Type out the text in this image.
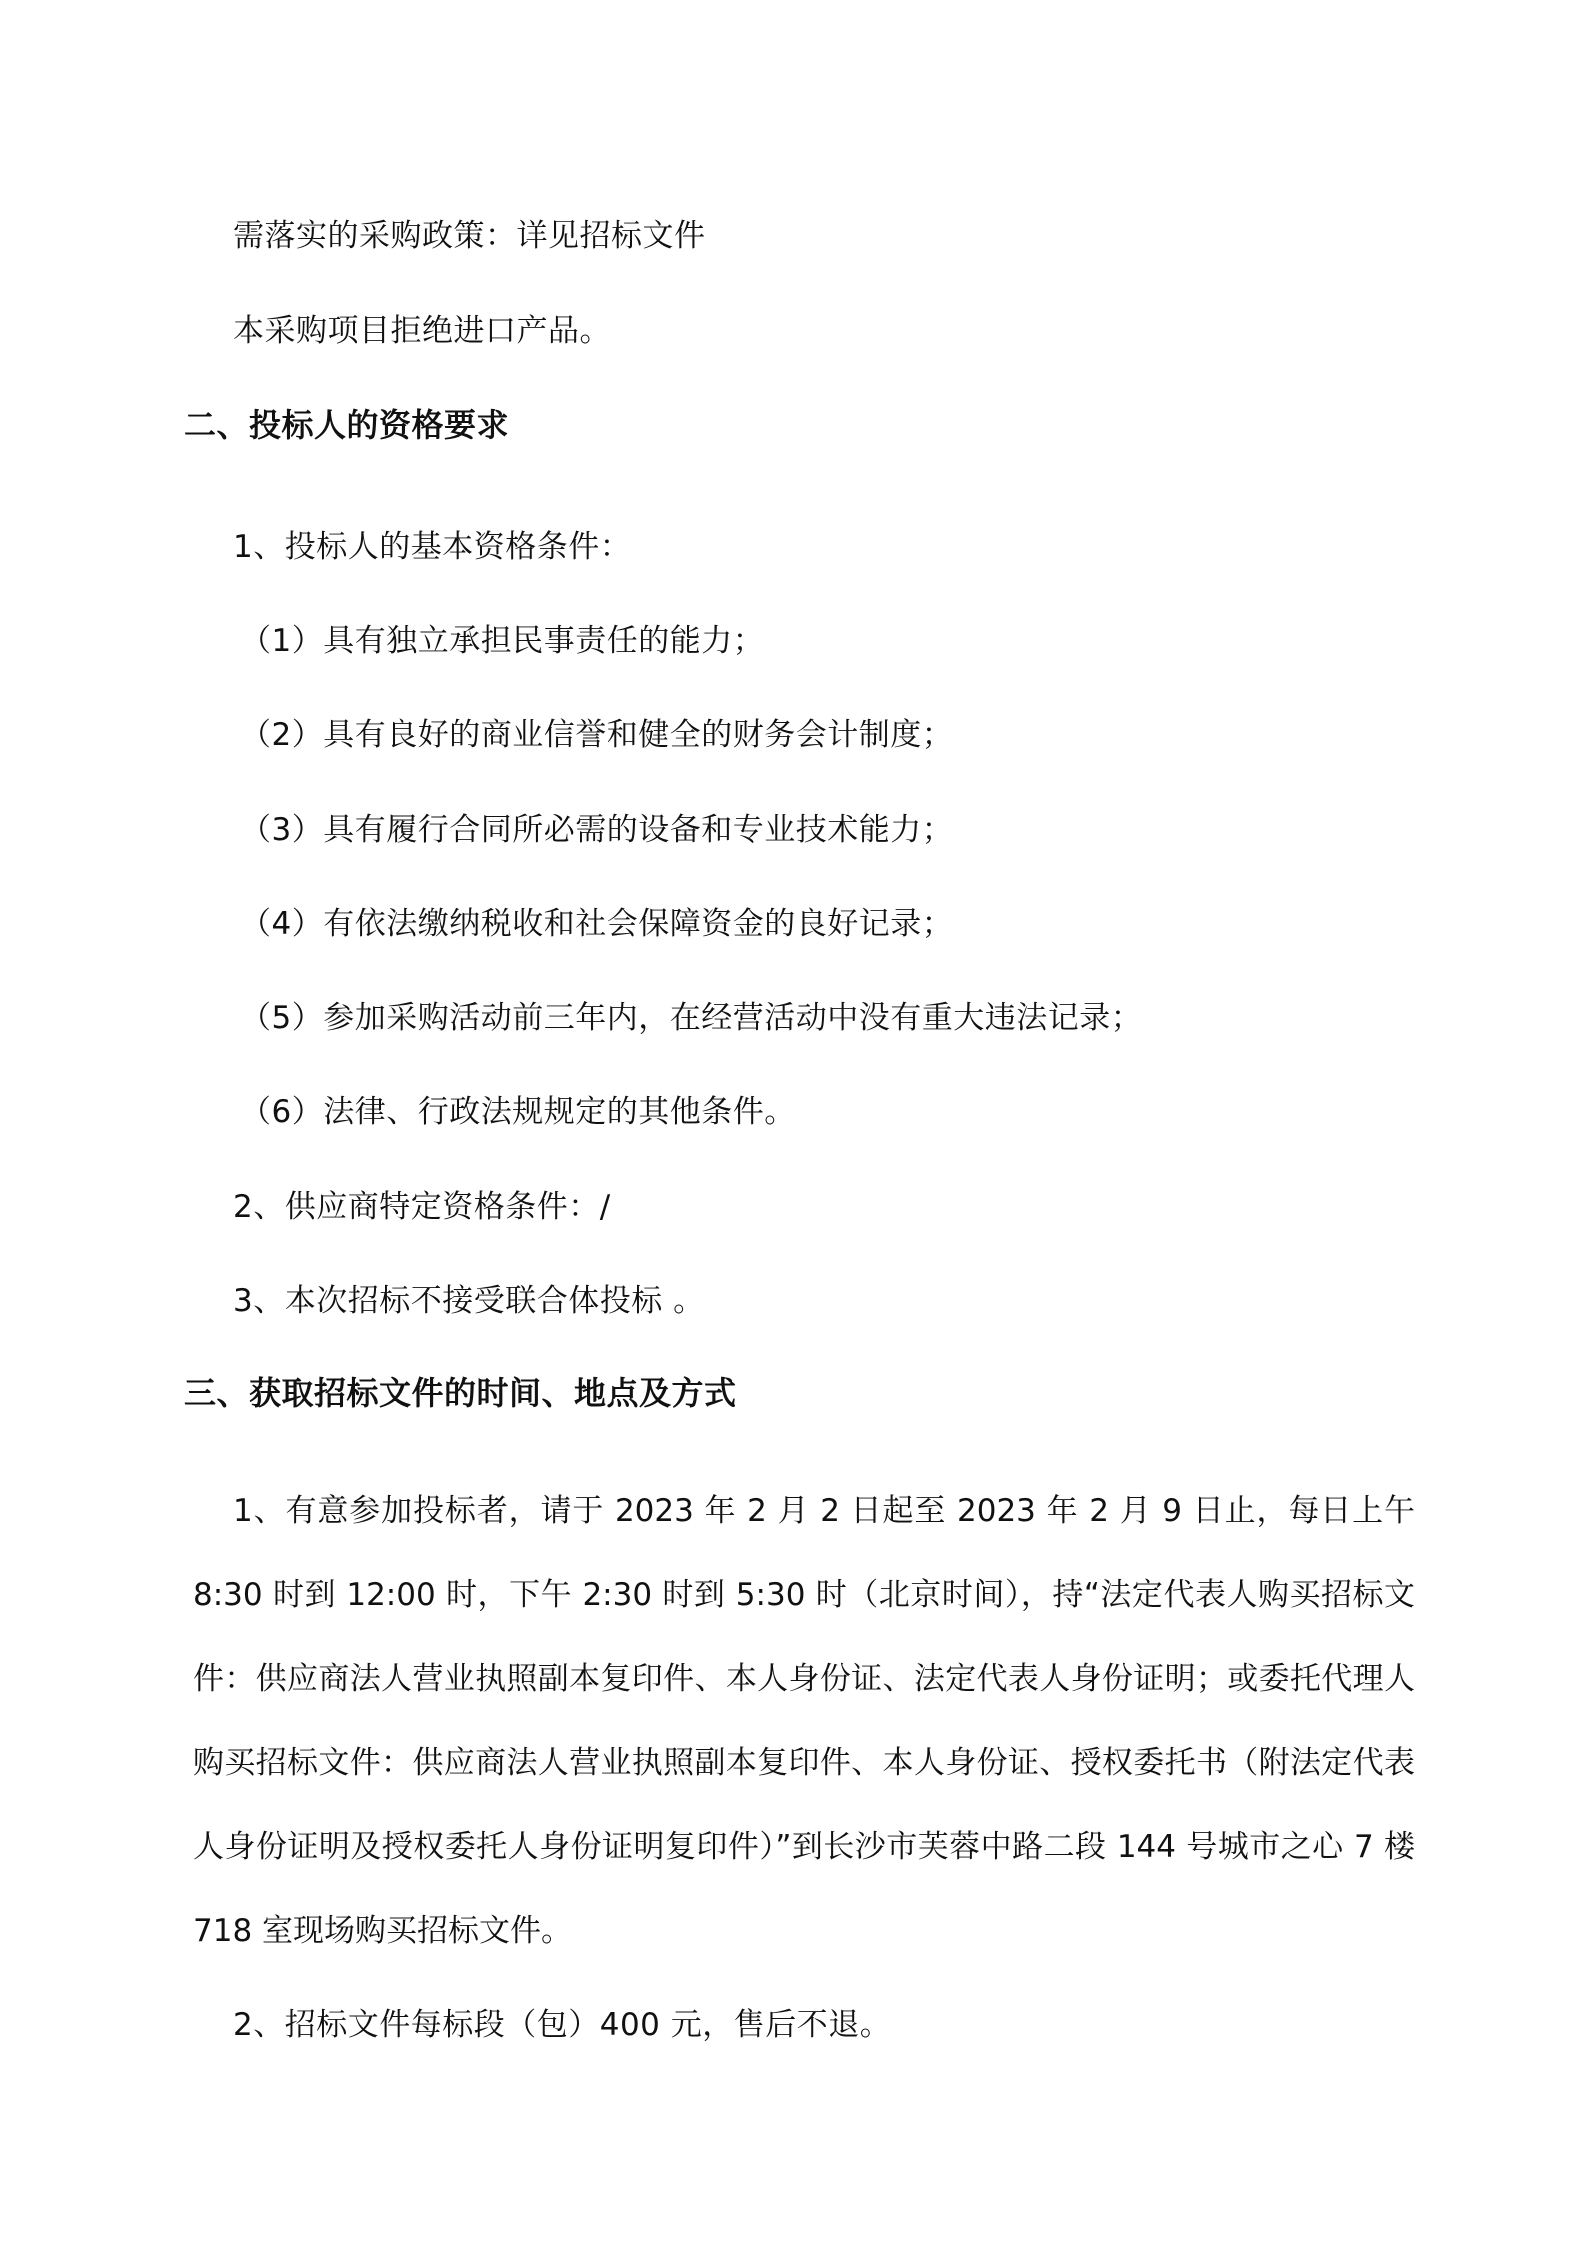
需落实的采购政策：详见招标文件
本采购项目拒绝进口产品。
二、投标人的资格要求
1、投标人的基本资格条件：
（1）具有独立承担民事责任的能力；
（2）具有良好的商业信誉和健全的财务会计制度；
（3）具有履行合同所必需的设备和专业技术能力；
（4）有依法缴纳税收和社会保障资金的良好记录；
（5）参加采购活动前三年内，在经营活动中没有重大违法记录；
（6）法律、行政法规规定的其他条件。
2、供应商特定资格条件：/
3、本次招标不接受联合体投标 。
三、获取招标文件的时间、地点及方式
1、有意参加投标者，请于 2023 年 2 月 2 日起至 2023 年 2 月 9 日止，每日上午 8:30 时到 12:00 时，下午 2:30 时到 5:30 时（北京时间），持“法定代表人购买招标文件：供应商法人营业执照副本复印件、本人身份证、法定代表人身份证明；或委托代理人购买招标文件：供应商法人营业执照副本复印件、本人身份证、授权委托书（附法定代表人身份证明及授权委托人身份证明复印件）”到长沙市芙蓉中路二段 144 号城市之心 7 楼 718 室现场购买招标文件。
2、招标文件每标段（包）400 元，售后不退。
